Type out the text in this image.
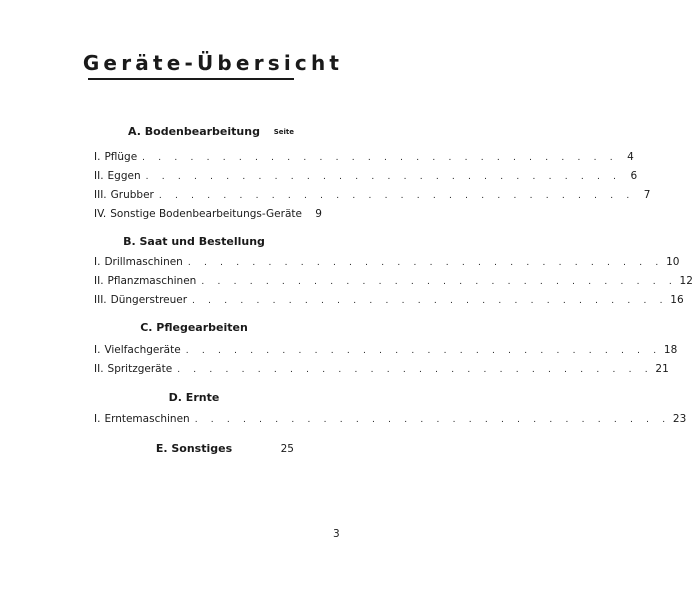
Geräte-Übersicht
A. Bodenbearbeitung Seite
I. Pflüge . . . . . . . . . . . . . . . . . . . . . . . . . . . . . . 4
II. Eggen . . . . . . . . . . . . . . . . . . . . . . . . . . . . . . 6
III. Grubber . . . . . . . . . . . . . . . . . . . . . . . . . . . . . . 7
IV. Sonstige Bodenbearbeitungs-Geräte	9
B. Saat und Bestellung
I. Drillmaschinen . . . . . . . . . . . . . . . . . . . . . . . . . . . . . . 10
II. Pflanzmaschinen . . . . . . . . . . . . . . . . . . . . . . . . . . . . . . 12
III. Düngerstreuer . . . . . . . . . . . . . . . . . . . . . . . . . . . . . . 16
C. Pflegearbeiten
I. Vielfachgeräte . . . . . . . . . . . . . . . . . . . . . . . . . . . . . . 18
II. Spritzgeräte . . . . . . . . . . . . . . . . . . . . . . . . . . . . . . 21
D. Ernte
I. Erntemaschinen . . . . . . . . . . . . . . . . . . . . . . . . . . . . . . 23
E. Sonstiges	25
3
